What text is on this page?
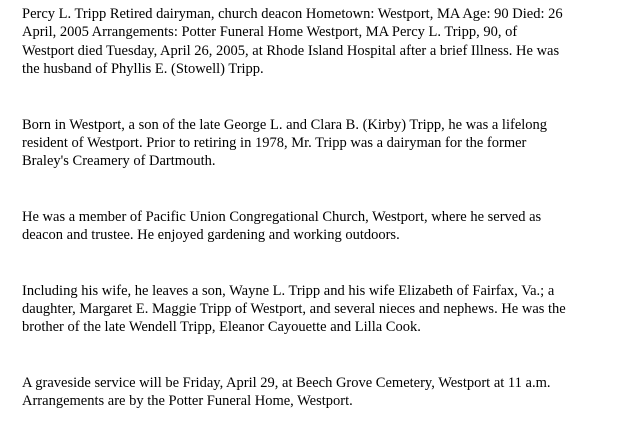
Percy L. Tripp Retired dairyman, church deacon Hometown: Westport, MA Age: 90 Died: 26
April, 2005 Arrangements: Potter Funeral Home Westport, MA Percy L. Tripp, 90, of
Westport died Tuesday, April 26, 2005, at Rhode Island Hospital after a brief Illness. He was
the husband of Phyllis E. (Stowell) Tripp.

Born in Westport, a son of the late George L. and Clara B. (Kirby) Tripp, he was a lifelong
resident of Westport. Prior to retiring in 1978, Mr. Tripp was a dairyman for the former
Braley's Creamery of Dartmouth.

He was a member of Pacific Union Congregational Church, Westport, where he served as
deacon and trustee. He enjoyed gardening and working outdoors.

Including his wife, he leaves a son, Wayne L. Tripp and his wife Elizabeth of Fairfax, Va.; a
daughter, Margaret E. Maggie Tripp of Westport, and several nieces and nephews. He was the
brother of the late Wendell Tripp, Eleanor Cayouette and Lilla Cook.

A graveside service will be Friday, April 29, at Beech Grove Cemetery, Westport at 11 a.m.
Arrangements are by the Potter Funeral Home, Westport.
